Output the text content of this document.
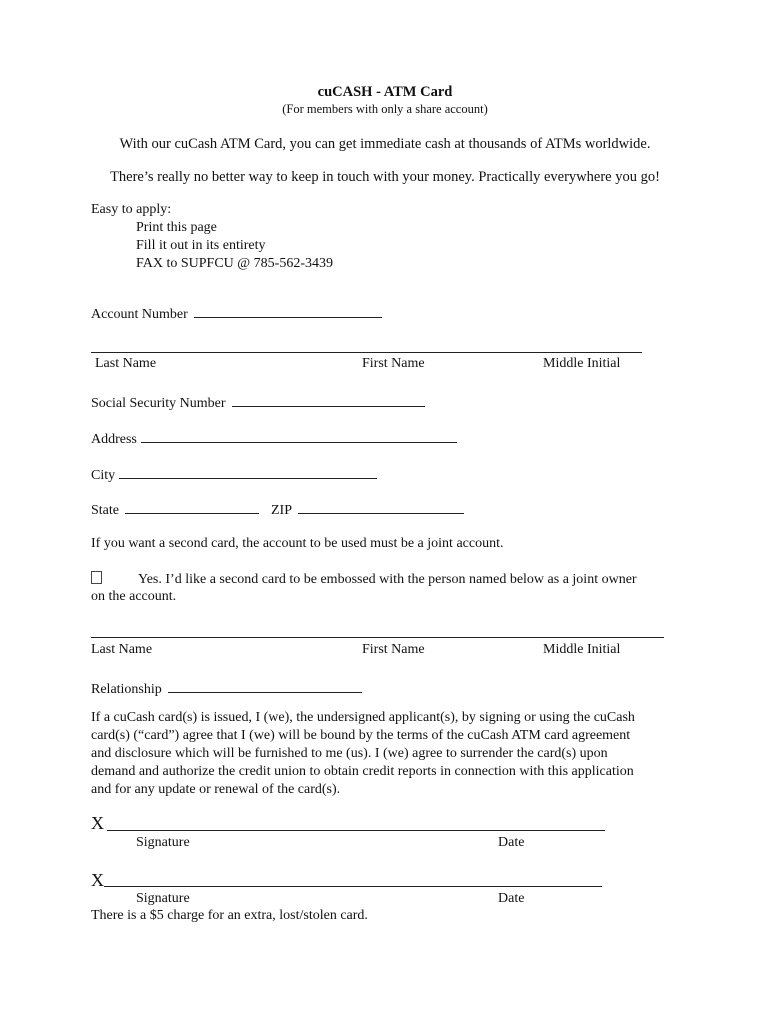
cuCASH - ATM Card
(For members with only a share account)
With our cuCash ATM Card, you can get immediate cash at thousands of ATMs worldwide.
There’s really no better way to keep in touch with your money. Practically everywhere you go!
Easy to apply:
Print this page
Fill it out in its entirety
FAX to SUPFCU @ 785-562-3439
Account Number
Last Name	First Name	Middle Initial
Social Security Number
Address
City
State	ZIP
If you want a second card, the account to be used must be a joint account.
Yes. I’d like a second card to be embossed with the person named below as a joint owner
on the account.
Last Name	First Name	Middle Initial
Relationship
If a cuCash card(s) is issued, I (we), the undersigned applicant(s), by signing or using the cuCash
card(s) (“card”) agree that I (we) will be bound by the terms of the cuCash ATM card agreement
and disclosure which will be furnished to me (us). I (we) agree to surrender the card(s) upon
demand and authorize the credit union to obtain credit reports in connection with this application
and for any update or renewal of the card(s).
X
Signature	Date
X
Signature	Date
There is a $5 charge for an extra, lost/stolen card.
